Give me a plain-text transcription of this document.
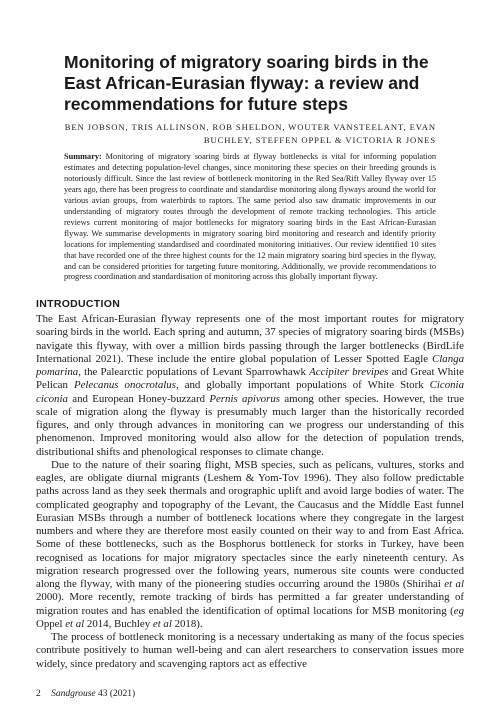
Monitoring of migratory soaring birds in the East African-Eurasian flyway: a review and recommendations for future steps
BEN JOBSON, TRIS ALLINSON, ROB SHELDON, WOUTER VANSTEELANT, EVAN BUCHLEY, STEFFEN OPPEL & VICTORIA R JONES

Summary: Monitoring of migratory soaring birds at flyway bottlenecks is vital for informing population estimates and detecting population-level changes, since monitoring these species on their breeding grounds is notoriously difficult. Since the last review of bottleneck monitoring in the Red Sea/Rift Valley flyway over 15 years ago, there has been progress to coordinate and standardise monitoring along flyways around the world for various avian groups, from waterbirds to raptors. The same period also saw dramatic improvements in our understanding of migratory routes through the development of remote tracking technologies. This article reviews current monitoring of major bottlenecks for migratory soaring birds in the East African-Eurasian flyway. We summarise developments in migratory soaring bird monitoring and research and identify priority locations for implementing standardised and coordinated monitoring initiatives. Our review identified 10 sites that have recorded one of the three highest counts for the 12 main migratory soaring bird species in the flyway, and can be considered priorities for targeting future monitoring. Additionally, we provide recommendations to progress coordination and standardisation of monitoring across this globally important flyway.

INTRODUCTION

The East African-Eurasian flyway represents one of the most important routes for migratory soaring birds in the world. Each spring and autumn, 37 species of migratory soaring birds (MSBs) navigate this flyway, with over a million birds passing through the larger bottlenecks (BirdLife International 2021). These include the entire global population of Lesser Spotted Eagle Clanga pomarina, the Palearctic populations of Levant Sparrowhawk Accipiter brevipes and Great White Pelican Pelecanus onocrotalus, and globally important populations of White Stork Ciconia ciconia and European Honey-buzzard Pernis apivorus among other species. However, the true scale of migration along the flyway is presumably much larger than the historically recorded figures, and only through advances in monitoring can we progress our understanding of this phenomenon. Improved monitoring would also allow for the detection of population trends, distributional shifts and phenological responses to climate change.

Due to the nature of their soaring flight, MSB species, such as pelicans, vultures, storks and eagles, are obligate diurnal migrants (Leshem & Yom-Tov 1996). They also follow predictable paths across land as they seek thermals and orographic uplift and avoid large bodies of water. The complicated geography and topography of the Levant, the Caucasus and the Middle East funnel Eurasian MSBs through a number of bottleneck locations where they congregate in the largest numbers and where they are therefore most easily counted on their way to and from East Africa. Some of these bottlenecks, such as the Bosphorus bottleneck for storks in Turkey, have been recognised as locations for major migratory spectacles since the early nineteenth century. As migration research progressed over the following years, numerous site counts were conducted along the flyway, with many of the pioneering studies occurring around the 1980s (Shirihai et al 2000). More recently, remote tracking of birds has permitted a far greater understanding of migration routes and has enabled the identification of optimal locations for MSB monitoring (eg Oppel et al 2014, Buchley et al 2018).

The process of bottleneck monitoring is a necessary undertaking as many of the focus species contribute positively to human well-being and can alert researchers to conservation issues more widely, since predatory and scavenging raptors act as effective

2 Sandgrouse 43 (2021)
